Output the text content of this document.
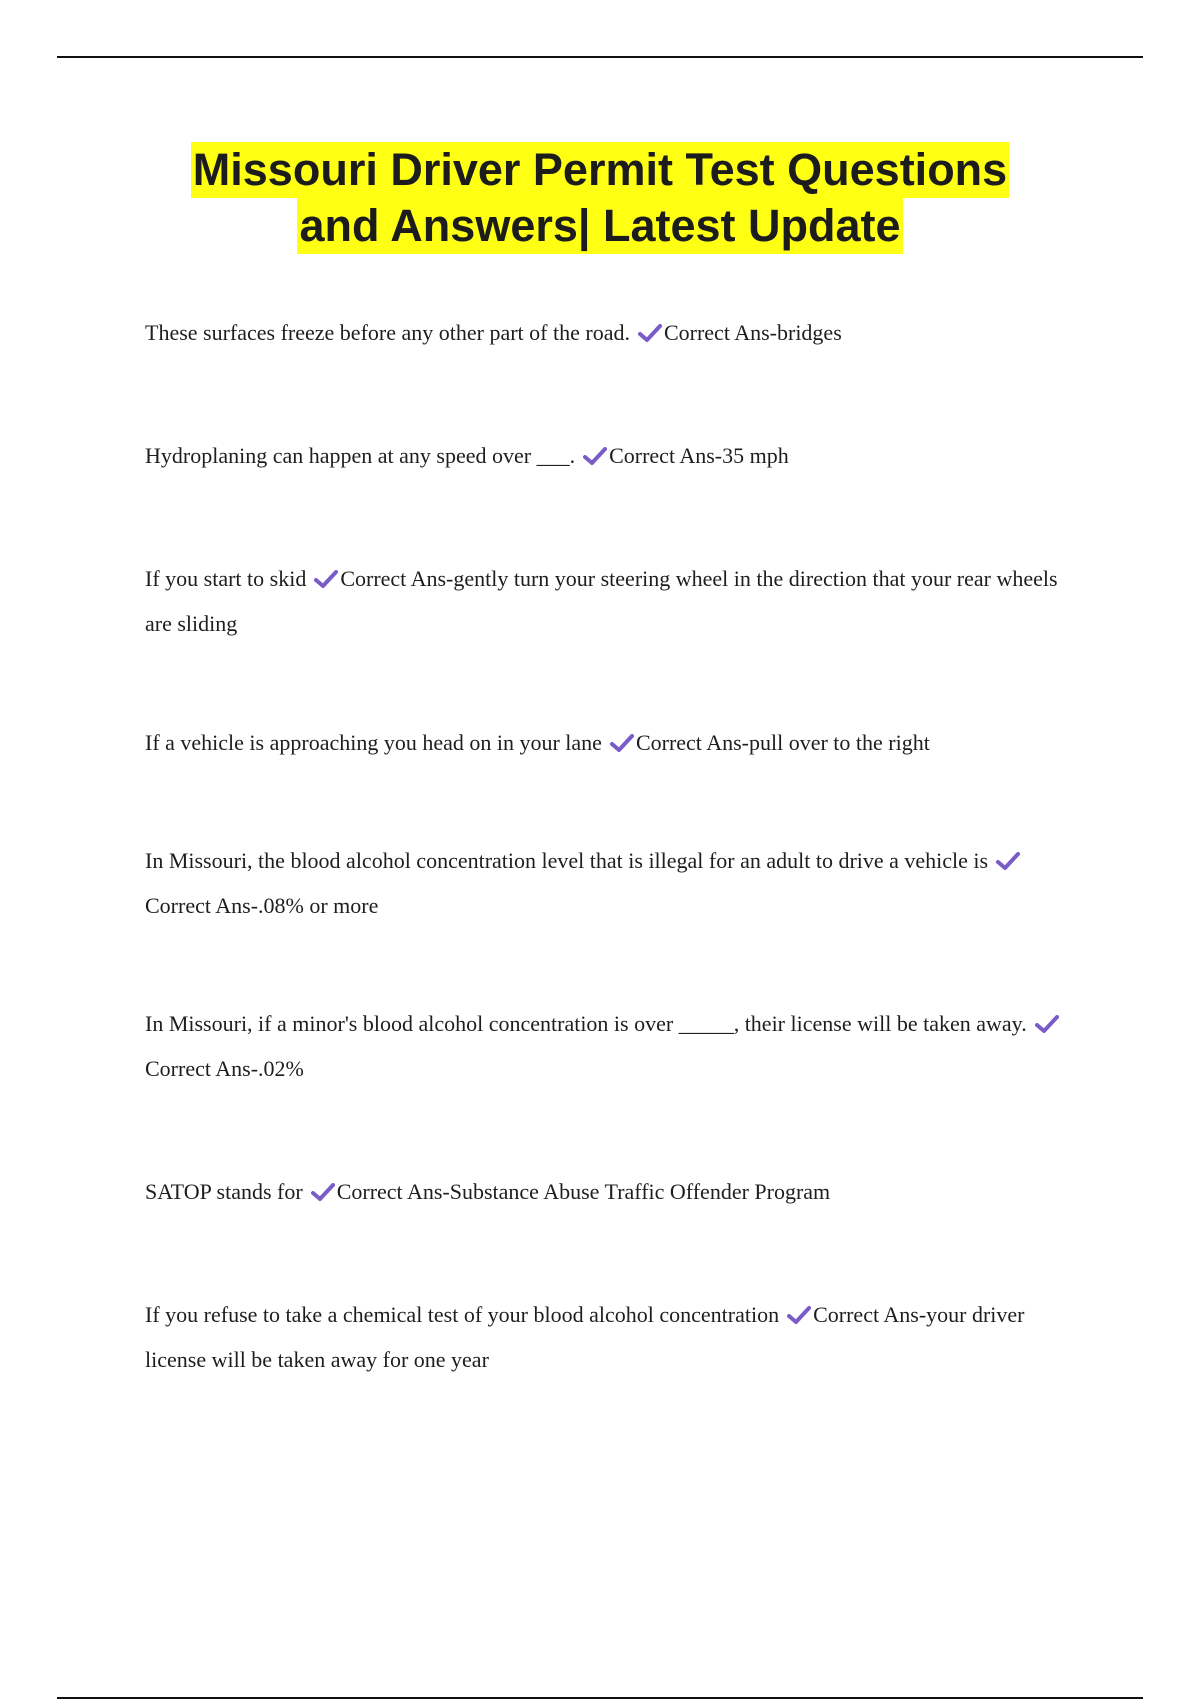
Missouri Driver Permit Test Questions
and Answers| Latest Update
These surfaces freeze before any other part of the road. Correct Ans-bridges
Hydroplaning can happen at any speed over ___. Correct Ans-35 mph
If you start to skid Correct Ans-gently turn your steering wheel in the direction that your rear wheels are sliding
If a vehicle is approaching you head on in your lane Correct Ans-pull over to the right
In Missouri, the blood alcohol concentration level that is illegal for an adult to drive a vehicle is
Correct Ans-.08% or more
In Missouri, if a minor's blood alcohol concentration is over _____, their license will be taken away.
Correct Ans-.02%
SATOP stands for Correct Ans-Substance Abuse Traffic Offender Program
If you refuse to take a chemical test of your blood alcohol concentration Correct Ans-your driver license will be taken away for one year
